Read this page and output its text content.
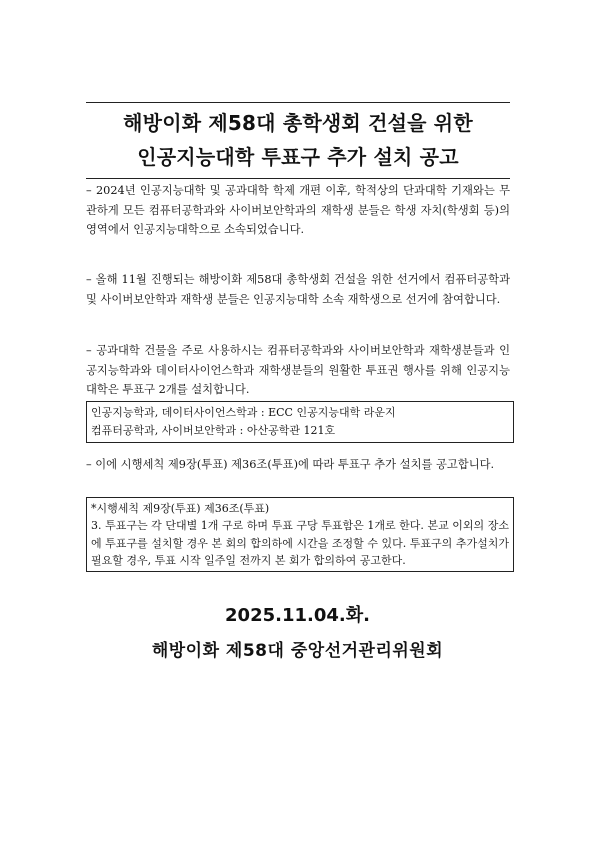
해방이화 제58대 총학생회 건설을 위한
인공지능대학 투표구 추가 설치 공고
– 2024년 인공지능대학 및 공과대학 학제 개편 이후, 학적상의 단과대학 기재와는 무관하게 모든 컴퓨터공학과와 사이버보안학과의 재학생 분들은 학생 자치(학생회 등)의 영역에서 인공지능대학으로 소속되었습니다.
– 올해 11월 진행되는 해방이화 제58대 총학생회 건설을 위한 선거에서 컴퓨터공학과 및 사이버보안학과 재학생 분들은 인공지능대학 소속 재학생으로 선거에 참여합니다.
– 공과대학 건물을 주로 사용하시는 컴퓨터공학과와 사이버보안학과 재학생분들과 인공지능학과와 데이터사이언스학과 재학생분들의 원활한 투표권 행사를 위해 인공지능대학은 투표구 2개를 설치합니다.
인공지능학과, 데이터사이언스학과 : ECC 인공지능대학 라운지
컴퓨터공학과, 사이버보안학과 : 아산공학관 121호
– 이에 시행세칙 제9장(투표) 제36조(투표)에 따라 투표구 추가 설치를 공고합니다.
*시행세칙 제9장(투표) 제36조(투표)
3. 투표구는 각 단대별 1개 구로 하며 투표 구당 투표함은 1개로 한다. 본교 이외의 장소에 투표구를 설치할 경우 본 회의 합의하에 시간을 조정할 수 있다. 투표구의 추가설치가 필요할 경우, 투표 시작 일주일 전까지 본 회가 합의하여 공고한다.
2025.11.04.화.
해방이화 제58대 중앙선거관리위원회
